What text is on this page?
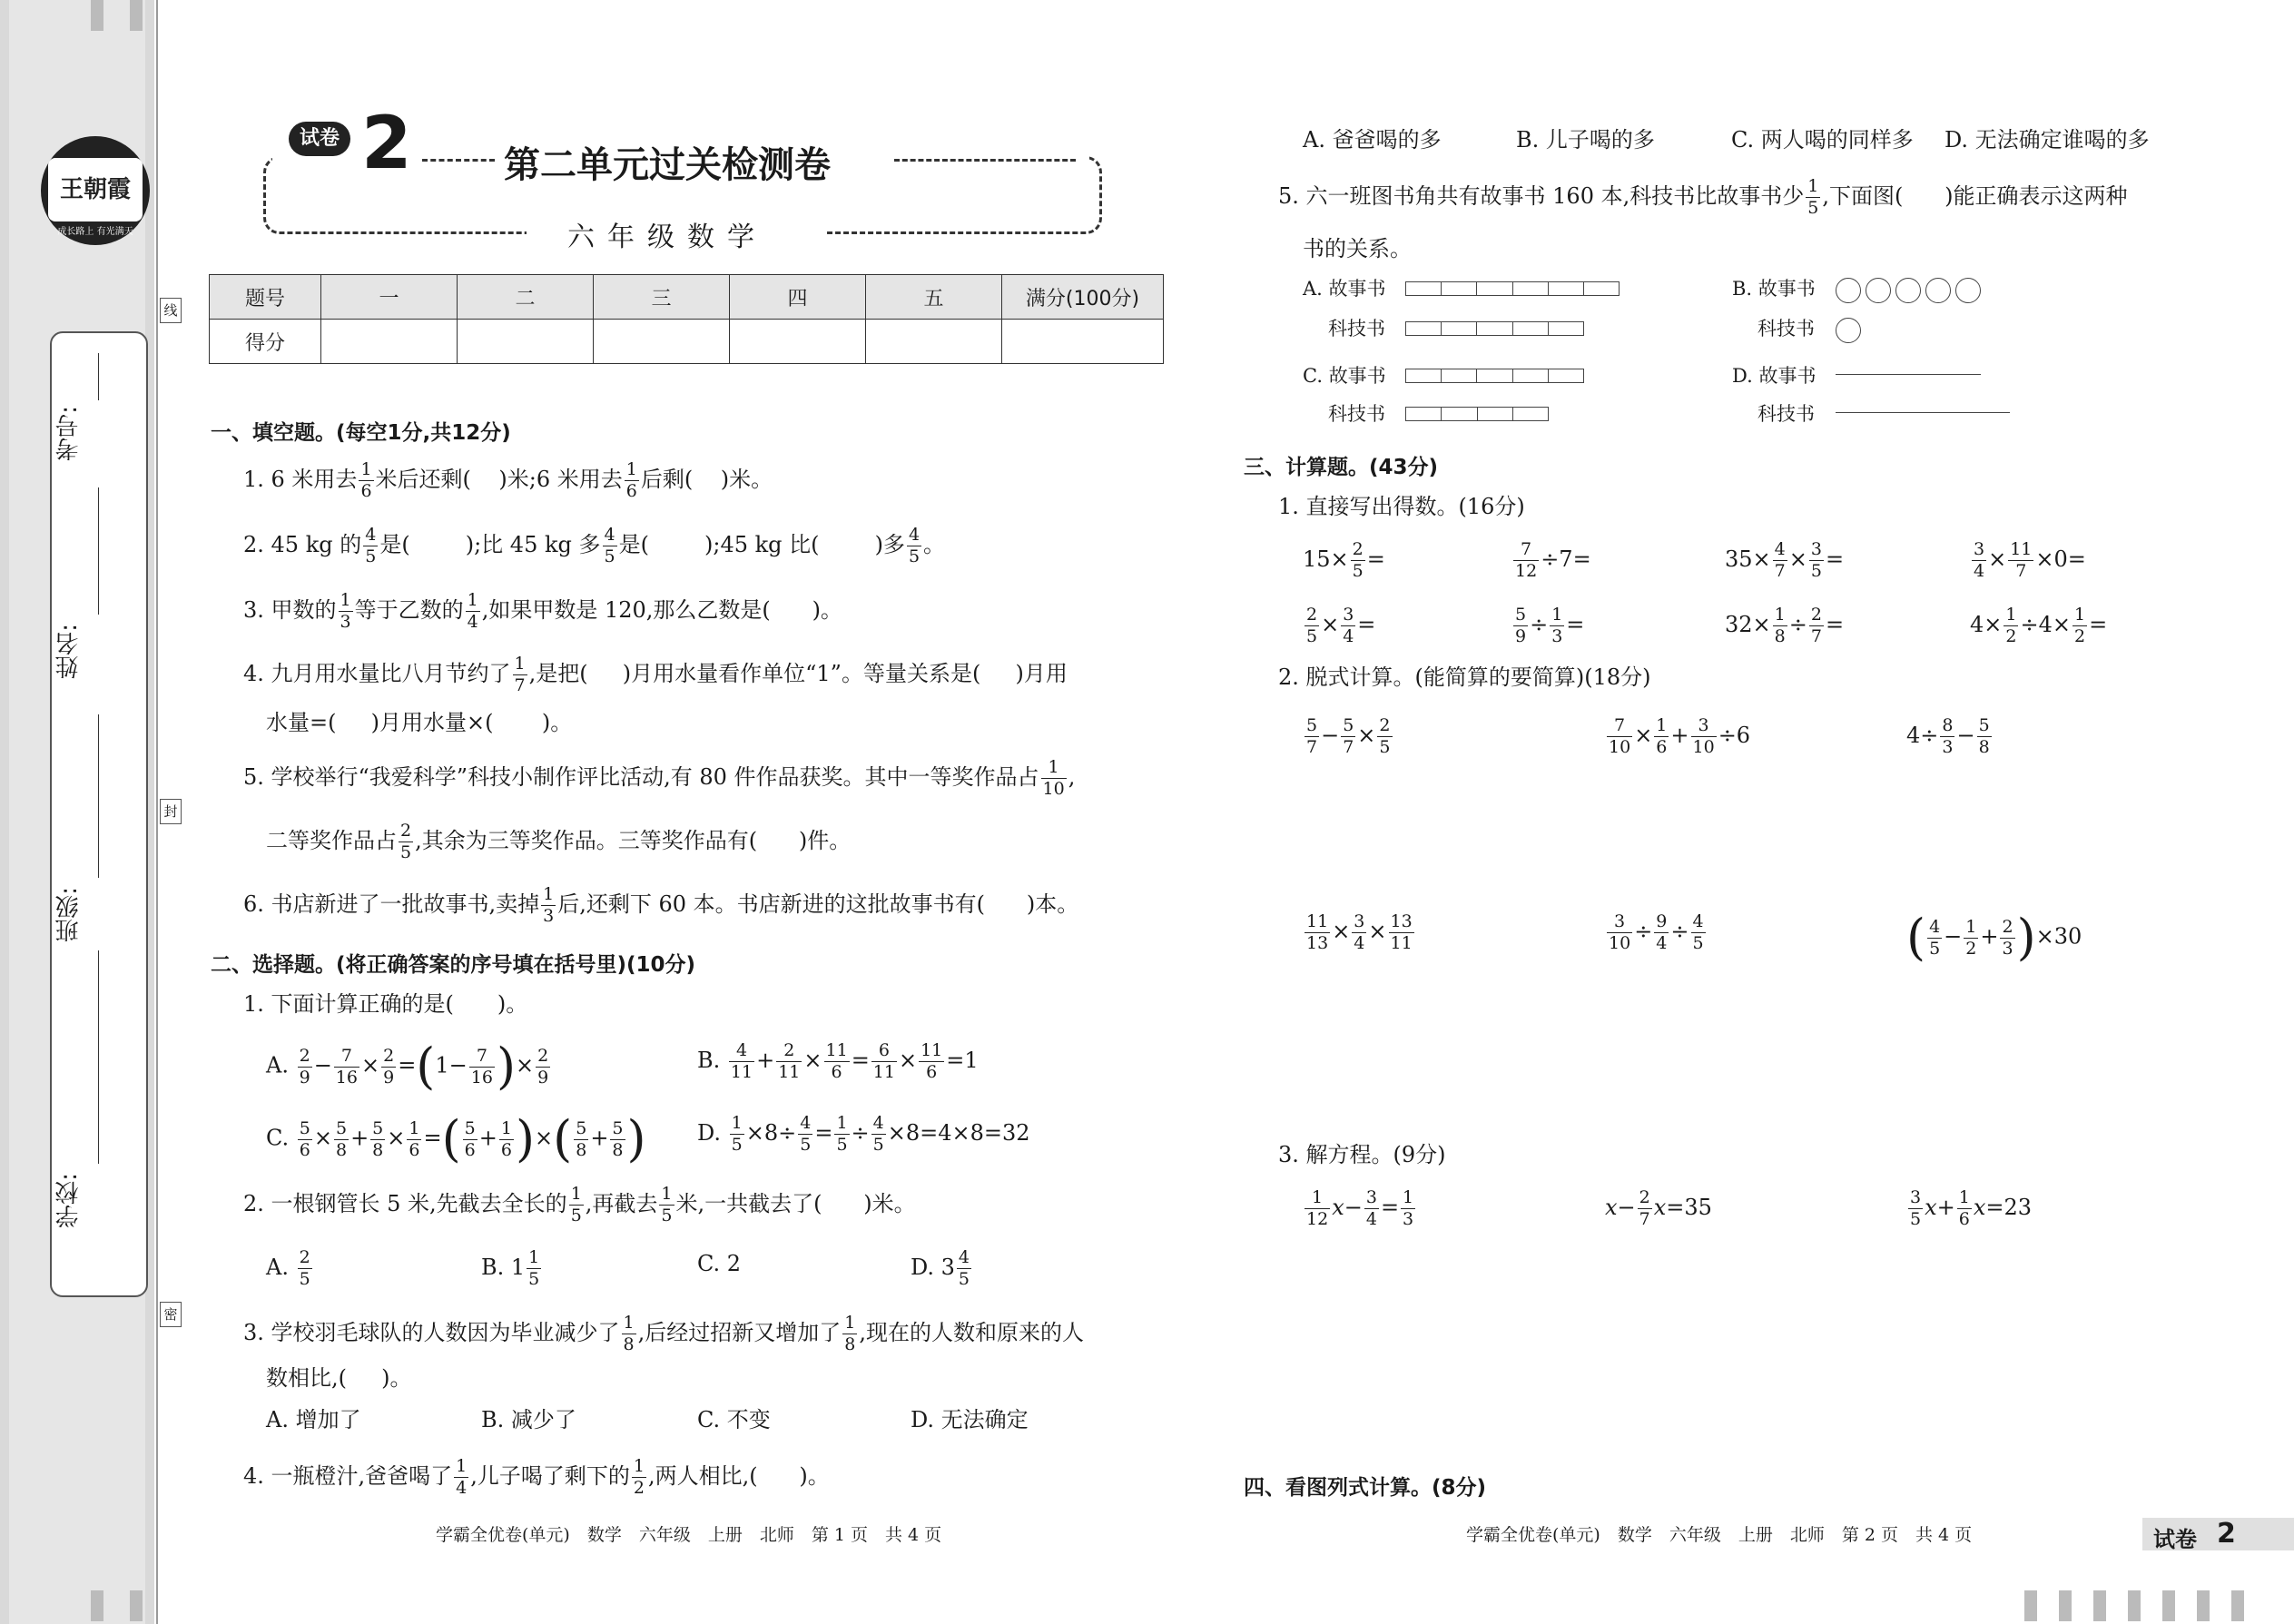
王朝霞
成长路上 有光满天
学校:
班级:
姓名:
考号:
线
封
密
试卷 2	第二单元过关检测卷
六年级数学
题号	一	二	三	四	五	满分(100分)
得分						
一、填空题。(每空1分,共12分)
1. 6 米用去 $\frac{1}{6}$ 米后还剩( )米;6 米用去 $\frac{1}{6}$ 后剩( )米。
2. 45 kg 的 $\frac{4}{5}$ 是(	);比 45 kg 多 $\frac{4}{5}$ 是(	);45 kg 比(	)多 $\frac{4}{5}$ 。
3. 甲数的 $\frac{1}{3}$ 等于乙数的 $\frac{1}{4}$ ,如果甲数是 120,那么乙数是( )。
4. 九月用水量比八月节约了 $\frac{1}{7}$ ,是把( )月用水量看作单位“1”。等量关系是( )月用
水量=( )月用水量×( )。
5. 学校举行“我爱科学”科技小制作评比活动,有 80 件作品获奖。其中一等奖作品占 $\frac{1}{10}$ ,
二等奖作品占 $\frac{2}{5}$ ,其余为三等奖作品。三等奖作品有( )件。
6. 书店新进了一批故事书,卖掉 $\frac{1}{3}$ 后,还剩下 60 本。书店新进的这批故事书有( )本。
二、选择题。(将正确答案的序号填在括号里)(10分)
1. 下面计算正确的是(　　)。
A. $\frac{2}{9} - \frac{7}{16} \times \frac{2}{9} =(1- \frac{7}{16}$ )× $\frac{2}{9}$	B. $\frac{4}{11} + \frac{2}{11} \times \frac{11}{6} = \frac{6}{11} \times \frac{11}{6} =1$
C. $\frac{5}{6} \times \frac{5}{8} + \frac{5}{8} \times \frac{1}{6}$ =( $\frac{5}{6} + \frac{1}{6}$ )×( $\frac{5}{8} + \frac{5}{8}$ ) D. $\frac{1}{5} \times 8\div \frac{4}{5} = \frac{1}{5} \div \frac{4}{5} \times 8=4\times 8=32$
2. 一根钢管长 5 米,先截去全长的 $\frac{1}{5}$ ,再截去 $\frac{1}{5}$ 米,一共截去了( )米。
A. $\frac{2}{5}$	B. $1 \frac{1}{5}$	C. 2	D. $3 \frac{4}{5}$
3. 学校羽毛球队的人数因为毕业减少了 $\frac{1}{8}$ ,后经过招新又增加了 $\frac{1}{8}$ ,现在的人数和原来的人
数相比,( )。
A. 增加了	B. 减少了	C. 不变	D. 无法确定
4. 一瓶橙汁,爸爸喝了 $\frac{1}{4}$ ,儿子喝了剩下的 $\frac{1}{2}$ ,两人相比,( )。
学霸全优卷(单元)　数学　六年级　上册　北师　第 1 页　共 4 页
A. 爸爸喝的多	B. 儿子喝的多	C. 两人喝的同样多 D. 无法确定谁喝的多
5. 六一班图书角共有故事书 160 本,科技书比故事书少 $\frac{1}{5}$ ,下面图( )能正确表示这两种
书的关系。
A. 故事书
科技书
B. 故事书
科技书
C. 故事书
科技书
D. 故事书
科技书
三、计算题。(43分)
1. 直接写出得数。(16分)
$15\times \frac{2}{5}$ =	$\frac{7}{12} \div 7=$	$35\times \frac{4}{7} \times \frac{3}{5}$ =	$\frac{3}{4} \times \frac{11}{7} \times 0=$
$\frac{2}{5} \times \frac{3}{4}$ =	$\frac{5}{9} \div \frac{1}{3}$ =	$32\times \frac{1}{8} \div \frac{2}{7}$ =	$4\times \frac{1}{2} \div 4\times \frac{1}{2}$ =
2. 脱式计算。(能简算的要简算)(18分)
$\frac{5}{7} - \frac{5}{7} \times \frac{2}{5}$	$\frac{7}{10} \times \frac{1}{6} + \frac{3}{10} \div 6$	$4\div \frac{8}{3} - \frac{5}{8}$
$\frac{11}{13} \times \frac{3}{4} \times \frac{13}{11}$	$\frac{3}{10} \div \frac{9}{4} \div \frac{4}{5}$	( $\frac{4}{5} - \frac{1}{2} + \frac{2}{3} )\times 30$
3. 解方程。(9分)
$\frac{1}{12} x- \frac{3}{4} = \frac{1}{3}$	$x- \frac{2}{7} x=35$	$\frac{3}{5} x+ \frac{1}{6} x=23$
四、看图列式计算。(8分)
学霸全优卷(单元)　数学　六年级　上册　北师　第 2 页　共 4 页	试卷 2
